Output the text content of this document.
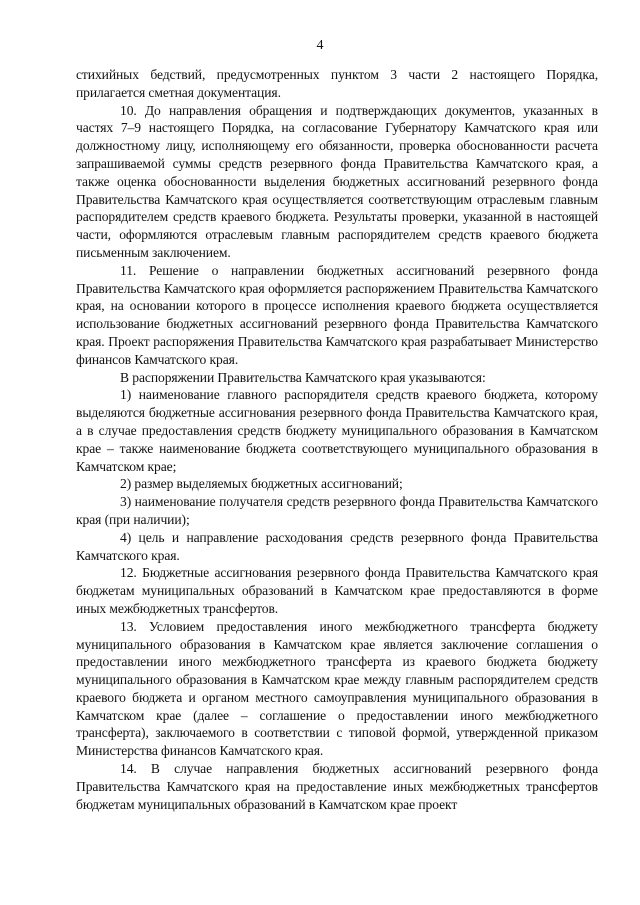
4

стихийных бедствий, предусмотренных пунктом 3 части 2 настоящего Порядка, прилагается сметная документация.

10. До направления обращения и подтверждающих документов, указанных в частях 7–9 настоящего Порядка, на согласование Губернатору Камчатского края или должностному лицу, исполняющему его обязанности, проверка обоснованности расчета запрашиваемой суммы средств резервного фонда Правительства Камчатского края, а также оценка обоснованности выделения бюджетных ассигнований резервного фонда Правительства Камчатского края осуществляется соответствующим отраслевым главным распорядителем средств краевого бюджета. Результаты проверки, указанной в настоящей части, оформляются отраслевым главным распорядителем средств краевого бюджета письменным заключением.

11. Решение о направлении бюджетных ассигнований резервного фонда Правительства Камчатского края оформляется распоряжением Правительства Камчатского края, на основании которого в процессе исполнения краевого бюджета осуществляется использование бюджетных ассигнований резервного фонда Правительства Камчатского края. Проект распоряжения Правительства Камчатского края разрабатывает Министерство финансов Камчатского края.

В распоряжении Правительства Камчатского края указываются:

1) наименование главного распорядителя средств краевого бюджета, которому выделяются бюджетные ассигнования резервного фонда Правительства Камчатского края, а в случае предоставления средств бюджету муниципального образования в Камчатском крае – также наименование бюджета соответствующего муниципального образования в Камчатском крае;

2) размер выделяемых бюджетных ассигнований;

3) наименование получателя средств резервного фонда Правительства Камчатского края (при наличии);

4) цель и направление расходования средств резервного фонда Правительства Камчатского края.

12. Бюджетные ассигнования резервного фонда Правительства Камчатского края бюджетам муниципальных образований в Камчатском крае предоставляются в форме иных межбюджетных трансфертов.

13. Условием предоставления иного межбюджетного трансферта бюджету муниципального образования в Камчатском крае является заключение соглашения о предоставлении иного межбюджетного трансферта из краевого бюджета бюджету муниципального образования в Камчатском крае между главным распорядителем средств краевого бюджета и органом местного самоуправления муниципального образования в Камчатском крае (далее – соглашение о предоставлении иного межбюджетного трансферта), заключаемого в соответствии с типовой формой, утвержденной приказом Министерства финансов Камчатского края.

14. В случае направления бюджетных ассигнований резервного фонда Правительства Камчатского края на предоставление иных межбюджетных трансфертов бюджетам муниципальных образований в Камчатском крае проект
